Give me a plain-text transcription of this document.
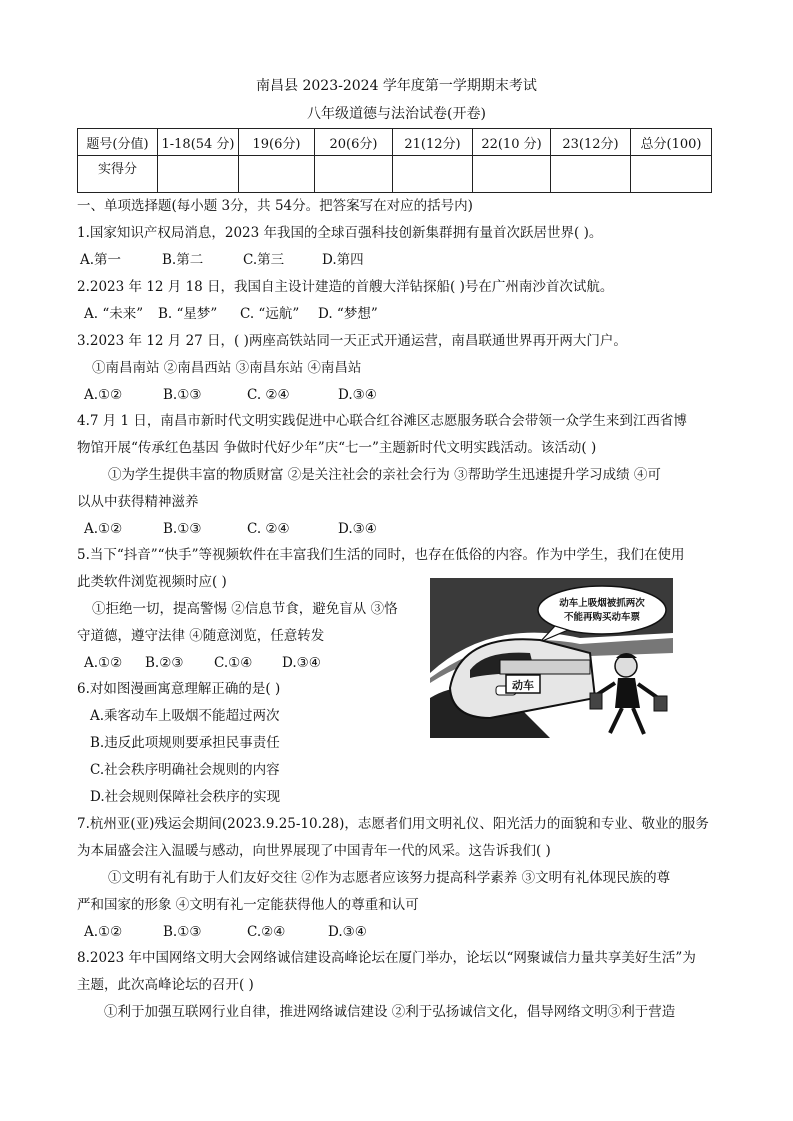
南昌县 2023-2024 学年度第一学期期末考试
八年级道德与法治试卷(开卷)
题号(分值)	1-18(54 分)	19(6分)	20(6分)	21(12分)	22(10 分)	23(12分)	总分(100)
实得分							
一、单项选择题(每小题 3分，共 54分。把答案写在对应的括号内)
1.国家知识产权局消息，2023 年我国的全球百强科技创新集群拥有量首次跃居世界( )。
A.第一	B.第二	C.第三	D.第四
2.2023 年 12 月 18 日，我国自主设计建造的首艘大洋钻探船( )号在广州南沙首次试航。
A. “未来” B. “星梦” C. “远航” D. “梦想”
3.2023 年 12 月 27 日，( )两座高铁站同一天正式开通运营，南昌联通世界再开两大门户。
①南昌南站 ②南昌西站 ③南昌东站 ④南昌站
A.①②	B.①③	C. ②④	D.③④
4.7 月 1 日，南昌市新时代文明实践促进中心联合红谷滩区志愿服务联合会带领一众学生来到江西省博
物馆开展“传承红色基因 争做时代好少年”庆“七一”主题新时代文明实践活动。该活动( )
①为学生提供丰富的物质财富 ②是关注社会的亲社会行为 ③帮助学生迅速提升学习成绩 ④可
以从中获得精神滋养
A.①②	B.①③	C. ②④	D.③④
5.当下“抖音”“快手”等视频软件在丰富我们生活的同时，也存在低俗的内容。作为中学生，我们在使用
此类软件浏览视频时应( )
①拒绝一切，提高警惕 ②信息节食，避免盲从 ③恪
守道德，遵守法律 ④随意浏览，任意转发
A.①② B.②③ C.①④ D.③④
动车上吸烟被抓两次
不能再购买动车票
动车
6.对如图漫画寓意理解正确的是( )
A.乘客动车上吸烟不能超过两次
B.违反此项规则要承担民事责任
C.社会秩序明确社会规则的内容
D.社会规则保障社会秩序的实现
7.杭州亚(亚)残运会期间(2023.9.25-10.28)，志愿者们用文明礼仪、阳光活力的面貌和专业、敬业的服务
为本届盛会注入温暖与感动，向世界展现了中国青年一代的风采。这告诉我们( )
①文明有礼有助于人们友好交往 ②作为志愿者应该努力提高科学素养 ③文明有礼体现民族的尊
严和国家的形象 ④文明有礼一定能获得他人的尊重和认可
A.①②	B.①③	C.②④	D.③④
8.2023 年中国网络文明大会网络诚信建设高峰论坛在厦门举办，论坛以“网聚诚信力量共享美好生活”为
主题，此次高峰论坛的召开( )
①利于加强互联网行业自律，推进网络诚信建设 ②利于弘扬诚信文化，倡导网络文明③利于营造
